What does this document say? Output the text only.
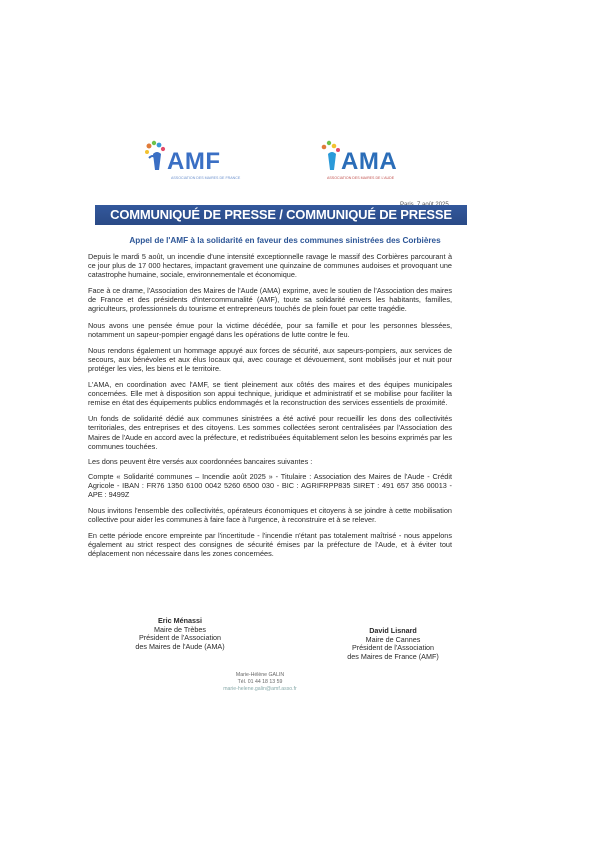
AMF
ASSOCIATION DES MAIRES DE FRANCE
AMA
ASSOCIATION DES MAIRES DE L'AUDE
COMMUNIQUÉ DE PRESSE / COMMUNIQUÉ DE PRESSE
Appel de l'AMF à la solidarité en faveur des communes sinistrées des Corbières

Depuis le mardi 5 août, un incendie d'une intensité exceptionnelle ravage le massif des Corbières parcourant à ce jour plus de 17 000 hectares, impactant gravement une quinzaine de communes audoises et provoquant une catastrophe humaine, sociale, environnementale et économique.

Face à ce drame, l'Association des Maires de l'Aude (AMA) exprime, avec le soutien de l'Association des maires de France et des présidents d'intercommunalité (AMF), toute sa solidarité envers les habitants, familles, agriculteurs, professionnels du tourisme et entrepreneurs touchés de plein fouet par cette tragédie.

Nous avons une pensée émue pour la victime décédée, pour sa famille et pour les personnes blessées, notamment un sapeur-pompier engagé dans les opérations de lutte contre le feu.

Nous rendons également un hommage appuyé aux forces de sécurité, aux sapeurs-pompiers, aux services de secours, aux bénévoles et aux élus locaux qui, avec courage et dévouement, sont mobilisés jour et nuit pour protéger les vies, les biens et le territoire.

L'AMA, en coordination avec l'AMF, se tient pleinement aux côtés des maires et des équipes municipales concernées. Elle met à disposition son appui technique, juridique et administratif et se mobilise pour faciliter la remise en état des équipements publics endommagés et la reconstruction des services essentiels de proximité.

Un fonds de solidarité dédié aux communes sinistrées a été activé pour recueillir les dons des collectivités territoriales, des entreprises et des citoyens. Les sommes collectées seront centralisées par l'Association des Maires de l'Aude en accord avec la préfecture, et redistribuées équitablement selon les besoins exprimés par les communes touchées.

Les dons peuvent être versés aux coordonnées bancaires suivantes :

Compte « Solidarité communes – Incendie août 2025 » - Titulaire : Association des Maires de l'Aude - Crédit Agricole - IBAN : FR76 1350 6100 0042 5260 6500 030 - BIC : AGRIFRPP835 SIRET : 491 657 356 00013 - APE : 9499Z

Nous invitons l'ensemble des collectivités, opérateurs économiques et citoyens à se joindre à cette mobilisation collective pour aider les communes à faire face à l'urgence, à reconstruire et à se relever.

En cette période encore empreinte par l'incertitude - l'incendie n'étant pas totalement maîtrisé - nous appelons également au strict respect des consignes de sécurité émises par la préfecture de l'Aude, et à éviter tout déplacement non nécessaire dans les zones concernées.

Eric Ménassi
Maire de Trèbes
Président de l'Association
des Maires de l'Aude (AMA)
David Lisnard
Maire de Cannes
Président de l'Association
des Maires de France (AMF)
Marie-Hélène GALIN
Tél. 01 44 18 13 59
marie-helene.galin@amf.asso.fr
